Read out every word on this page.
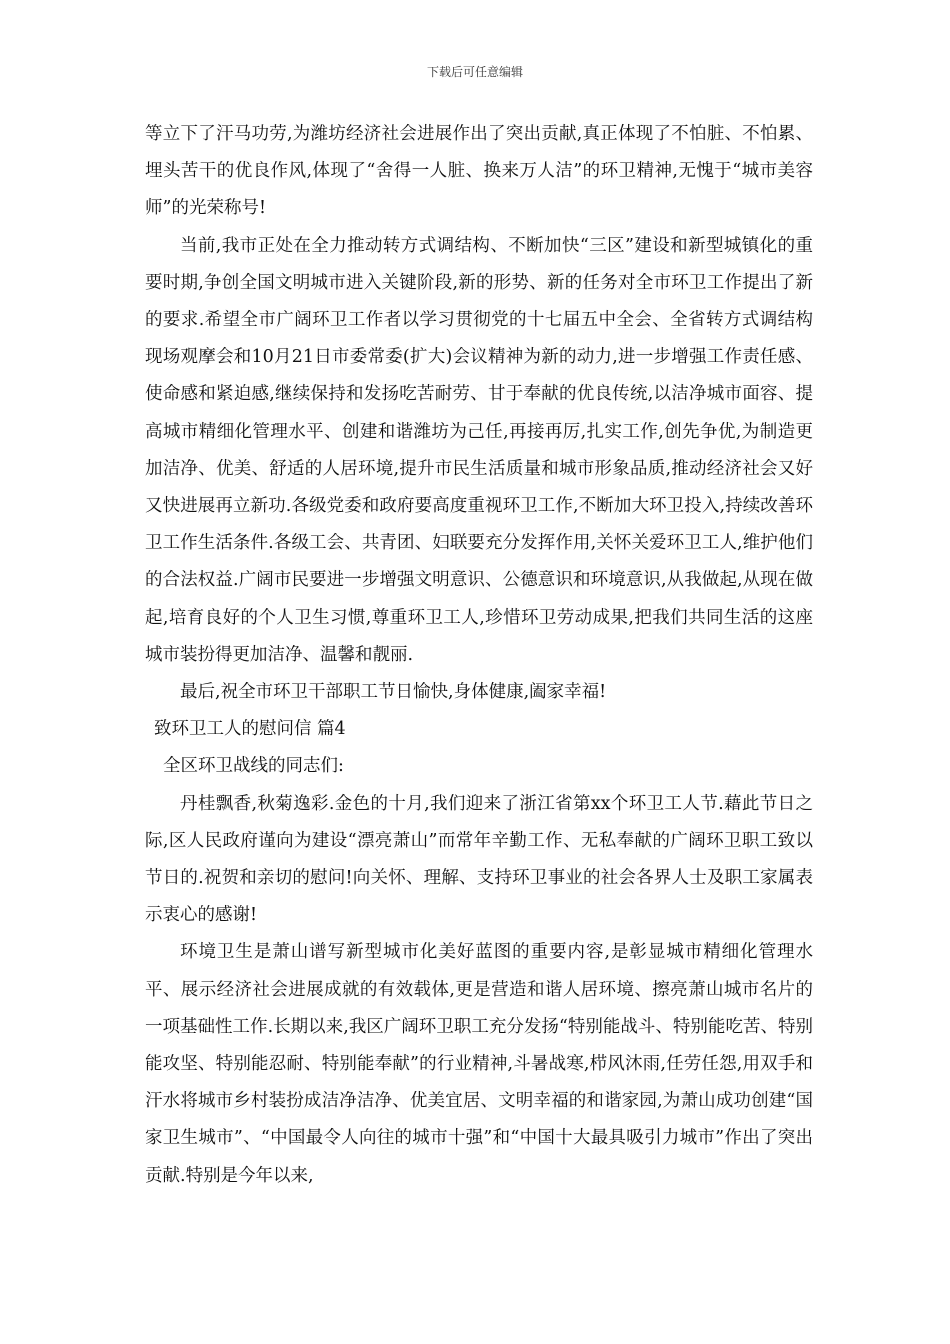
下载后可任意编辑

等立下了汗马功劳,为潍坊经济社会进展作出了突出贡献,真正体现了不怕脏、不怕累、埋头苦干的优良作风,体现了“舍得一人脏、换来万人洁”的环卫精神,无愧于“城市美容师”的光荣称号!

当前,我市正处在全力推动转方式调结构、不断加快“三区”建设和新型城镇化的重要时期,争创全国文明城市进入关键阶段,新的形势、新的任务对全市环卫工作提出了新的要求.希望全市广阔环卫工作者以学习贯彻党的十七届五中全会、全省转方式调结构现场观摩会和10月21日市委常委(扩大)会议精神为新的动力,进一步增强工作责任感、使命感和紧迫感,继续保持和发扬吃苦耐劳、甘于奉献的优良传统,以洁净城市面容、提高城市精细化管理水平、创建和谐潍坊为己任,再接再厉,扎实工作,创先争优,为制造更加洁净、优美、舒适的人居环境,提升市民生活质量和城市形象品质,推动经济社会又好又快进展再立新功.各级党委和政府要高度重视环卫工作,不断加大环卫投入,持续改善环卫工作生活条件.各级工会、共青团、妇联要充分发挥作用,关怀关爱环卫工人,维护他们的合法权益.广阔市民要进一步增强文明意识、公德意识和环境意识,从我做起,从现在做起,培育良好的个人卫生习惯,尊重环卫工人,珍惜环卫劳动成果,把我们共同生活的这座城市装扮得更加洁净、温馨和靓丽.

最后,祝全市环卫干部职工节日愉快,身体健康,阖家幸福!

致环卫工人的慰问信 篇4

全区环卫战线的同志们:

丹桂飘香,秋菊逸彩.金色的十月,我们迎来了浙江省第xx个环卫工人节.藉此节日之际,区人民政府谨向为建设“漂亮萧山”而常年辛勤工作、无私奉献的广阔环卫职工致以节日的.祝贺和亲切的慰问!向关怀、理解、支持环卫事业的社会各界人士及职工家属表示衷心的感谢!

环境卫生是萧山谱写新型城市化美好蓝图的重要内容,是彰显城市精细化管理水平、展示经济社会进展成就的有效载体,更是营造和谐人居环境、擦亮萧山城市名片的一项基础性工作.长期以来,我区广阔环卫职工充分发扬“特别能战斗、特别能吃苦、特别能攻坚、特别能忍耐、特别能奉献”的行业精神,斗暑战寒,栉风沐雨,任劳任怨,用双手和汗水将城市乡村装扮成洁净洁净、优美宜居、文明幸福的和谐家园,为萧山成功创建“国家卫生城市”、“中国最令人向往的城市十强”和“中国十大最具吸引力城市”作出了突出贡献.特别是今年以来,
